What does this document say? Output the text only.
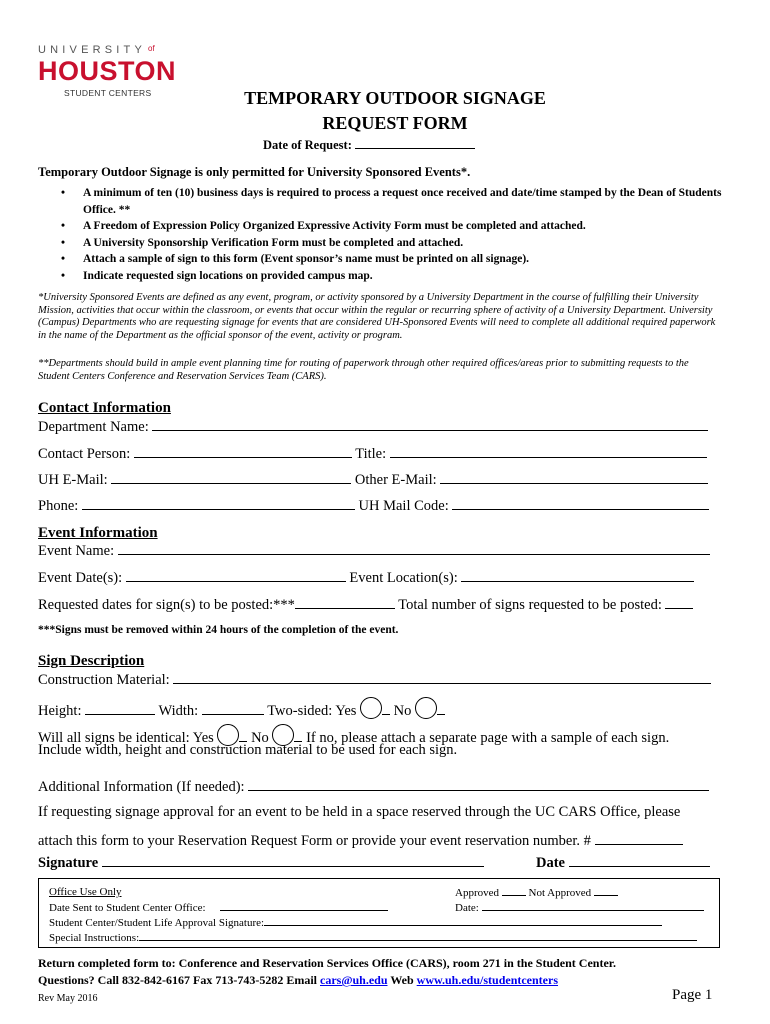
UNIVERSITY $^{of}$
HOUSTON
STUDENT CENTERS	TEMPORARY OUTDOOR SIGNAGE
REQUEST FORM
Date of Request:
Temporary Outdoor Signage is only permitted for University Sponsored Events*.
• A minimum of ten (10) business days is required to process a request once received and date/time stamped by the Dean of Students Office. **
• A Freedom of Expression Policy Organized Expressive Activity Form must be completed and attached.
• A University Sponsorship Verification Form must be completed and attached.
• Attach a sample of sign to this form (Event sponsor’s name must be printed on all signage).
• Indicate requested sign locations on provided campus map.
*University Sponsored Events are defined as any event, program, or activity sponsored by a University Department in the course of fulfilling their University Mission, activities that occur within the classroom, or events that occur within the regular or recurring sphere of activity of a University Department. University (Campus) Departments who are requesting signage for events that are considered UH-Sponsored Events will need to complete all additional required paperwork in the name of the Department as the official sponsor of the event, activity or program.
**Departments should build in ample event planning time for routing of paperwork through other required offices/areas prior to submitting requests to the Student Centers Conference and Reservation Services Team (CARS).
Contact Information
Department Name:
Contact Person:	Title:
UH E-Mail:	Other E-Mail:
Phone:	UH Mail Code:
Event Information
Event Name:
Event Date(s):	Event Location(s):
Requested dates for sign(s) to be posted:***	Total number of signs requested to be posted:
***Signs must be removed within 24 hours of the completion of the event.
Sign Description
Construction Material:
Height:	Width:	Two-sided: Yes	No
Will all signs be identical: Yes	No	If no, please attach a separate page with a sample of each sign.
Include width, height and construction material to be used for each sign.
Additional Information (If needed):
If requesting signage approval for an event to be held in a space reserved through the UC CARS Office, please
attach this form to your Reservation Request Form or provide your event reservation number. #
Signature	Date
Office Use Only
Date Sent to Student Center Office:
Student Center/Student Life Approval Signature:
Special Instructions:
Approved	Not Approved
Date:
Return completed form to: Conference and Reservation Services Office (CARS), room 271 in the Student Center.
Questions? Call 832-842-6167 Fax 713-743-5282 Email cars@uh.edu Web www.uh.edu/studentcenters
Rev May 2016	Page 1
